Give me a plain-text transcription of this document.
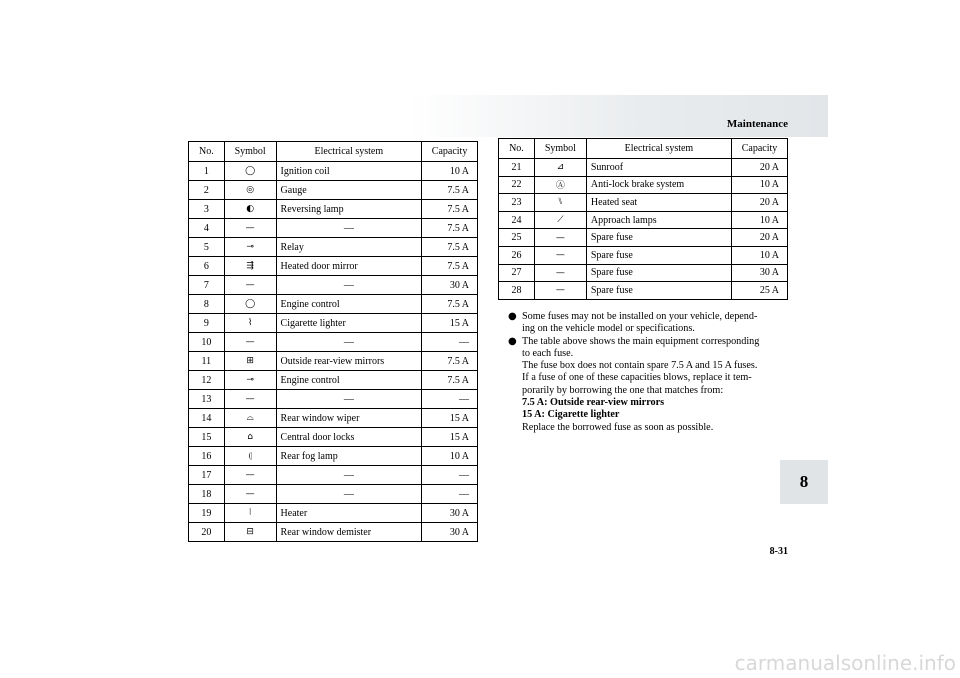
Maintenance
No.	Symbol	Electrical system	Capacity
1	◯	Ignition coil	10 A
2	◎	Gauge	7.5 A
3	◐	Reversing lamp	7.5 A
4	—	—	7.5 A
5	⊸	Relay	7.5 A
6	⇶	Heated door mirror	7.5 A
7	—	—	30 A
8	◯	Engine control	7.5 A
9	⌇	Cigarette lighter	15 A
10	—	—	—
11	⊞	Outside rear-view mirrors	7.5 A
12	⊸	Engine control	7.5 A
13	—	—	—
14	⌓	Rear window wiper	15 A
15	⌂	Central door locks	15 A
16	⦇	Rear fog lamp	10 A
17	—	—	—
18	—	—	—
19	⦚	Heater	30 A
20	⊟	Rear window demister	30 A
No.	Symbol	Electrical system	Capacity
21	⊿	Sunroof	20 A
22	Ⓐ	Anti-lock brake system	10 A
23	⑊	Heated seat	20 A
24	⟋	Approach lamps	10 A
25	—	Spare fuse	20 A
26	—	Spare fuse	10 A
27	—	Spare fuse	30 A
28	—	Spare fuse	25 A
● Some fuses may not be installed on your vehicle, depend-
ing on the vehicle model or specifications.
● The table above shows the main equipment corresponding
to each fuse.
The fuse box does not contain spare 7.5 A and 15 A fuses.
If a fuse of one of these capacities blows, replace it tem-
porarily by borrowing the one that matches from:
7.5 A: Outside rear-view mirrors
15 A: Cigarette lighter
Replace the borrowed fuse as soon as possible.
8
8-31
carmanualsonline.info
